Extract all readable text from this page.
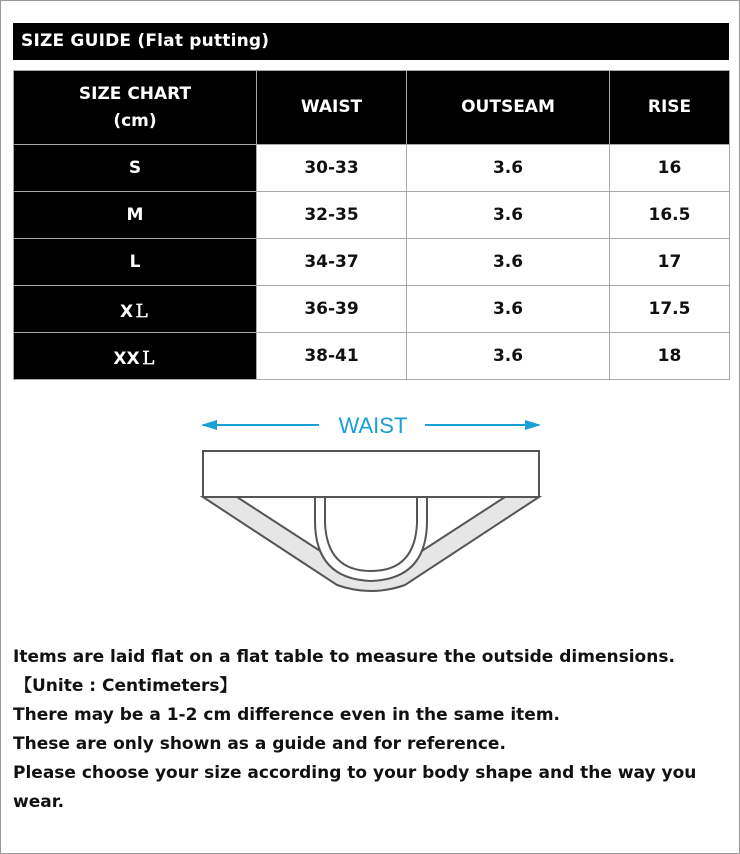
SIZE GUIDE (Flat putting)
SIZE CHART
(cm)	WAIST	OUTSEAM	RISE
S	30-33	3.6	16
M	32-35	3.6	16.5
L	34-37	3.6	17
XＬ	36-39	3.6	17.5
XXＬ	38-41	3.6	18
WAIST

Items are laid flat on a flat table to measure the outside dimensions.

【Unite : Centimeters】

There may be a 1-2 cm difference even in the same item.

These are only shown as a guide and for reference.

Please choose your size according to your body shape and the way you wear.
